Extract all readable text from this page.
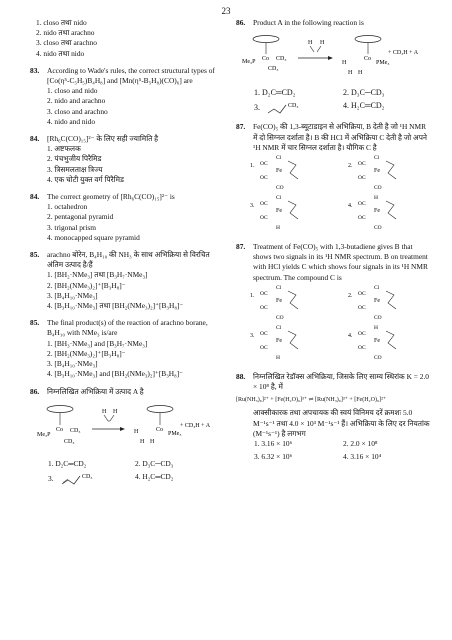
23
1. closo तथा nido
2. nido तथा arachno
3. closo तथा arachno
4. nido तथा nido
83.	According to Wade's rules, the correct structural types of [Co(η⁵-C₅H₅)B₄H₈] and [Mn(η⁵-B₅H₈)(CO)₆] are
1. closo and nido
2. nido and arachno
3. closo and arachno
4. nido and nido
84.	[Rh₆C(CO)₁₅]²⁻ के लिए सही ज्यामिति है
1. अष्टफलक
2. पंचभुजीय पिरैमिड
3. त्रिसमलताक्ष त्रिज्य
4. एक चोटी युक्त वर्ग पिरैमिड
84.	The correct geometry of [Rh₆C(CO)₁₅]²⁻ is
1. octahedron
2. pentagonal pyramid
3. trigonal prism
4. monocapped square pyramid
85.	arachno बोरेन, B₄H₁₀ की NH₃ के साथ अभिक्रिया से विरचित अंतिम उत्पाद है/हैं
1. [BH₂·NMe₃] तथा [B₃H₇·NMe₃]
2. [BH₂(NMe₃)₂]⁺[B₃H₈]⁻
3. [B₄H₁₀·NMe₃]
4. [B₃H₁₀·NMe₃] तथा [BH₂(NMe₃)₂]⁺[B₃H₈]⁻
85.	The final product(s) of the reaction of arachno borane, B₄H₁₀ with NMe₃ is/are
1. [BH₃·NMe₃] and [B₃H₇·NMe₃]
2. [BH₂(NMe₃)₂]⁺[B₃H₈]⁻
3. [B₄H₁₀·NMe₃]
4. [B₃H₁₀·NMe₃] and [BH₂(NMe₃)₂]⁺[B₃H₈]⁻
86.	निम्नलिखित अभिक्रिया में उत्पाद A है
Me₃P
Co CD₃
CD₃
H H
H
H H
Co
PMe₃
+ CD₃H + A
1. D₂C═CD₂	2. D₃C─CD₃
3.	CD₃	4. H₂C═CD₂
86.	Product A in the following reaction is
Me₃P Co CD₃
CD₃
H H
H
H H
Co
PMe₃
+ CD₃H + A
1. D₂C═CD₂	2. D₃C─CD₃
3.	CD₃	4. H₂C═CD₂
87.	Fe(CO)₅ की 1,3-ब्यूटाडाइन से अभिक्रिया, B देती है जो ¹H NMR में दो सिग्नल दर्शाता है। B की HCl में अभिक्रिया C देती है जो अपने ¹H NMR में चार सिग्नल दर्शाता है। यौगिक C है
1. OC
OC
Fe
Cl
CO
2. OC
OC
Fe
Cl
CO
3. OC
OC
Fe
Cl
H
4. OC
OC
Fe
H
CO
87.	Treatment of Fe(CO)₅ with 1,3-butadiene gives B that shows two signals in its ¹H NMR spectrum. B on treatment with HCl yields C which shows four signals in its ¹H NMR spectrum. The compound C is
1. OC
OC
Fe
Cl
CO
2. OC
OC
Fe
Cl
CO
3. OC
OC
Fe
Cl
H
4. OC
OC
Fe
H
CO
88.	निम्नलिखित रेडॉक्स अभिक्रिया, जिसके लिए साम्य स्थिरांक K = 2.0 × 10⁸ है, में
[Ru(NH₃)₆]²⁺ + [Fe(H₂O)₆]³⁺ ⇌ [Ru(NH₃)₆]³⁺ + [Fe(H₂O)₆]²⁺
आक्सीकारक तथा अपचायक की स्वयं विनिमय दरें क्रमशः 5.0 M⁻¹s⁻¹ तथा 4.0 × 10³ M⁻¹s⁻¹ हैं। अभिक्रिया के लिए दर नियतांक (M⁻¹s⁻¹) है लगभग
1. 3.16 × 10⁶	2. 2.0 × 10⁸
3. 6.32 × 10⁶	4. 3.16 × 10⁴
